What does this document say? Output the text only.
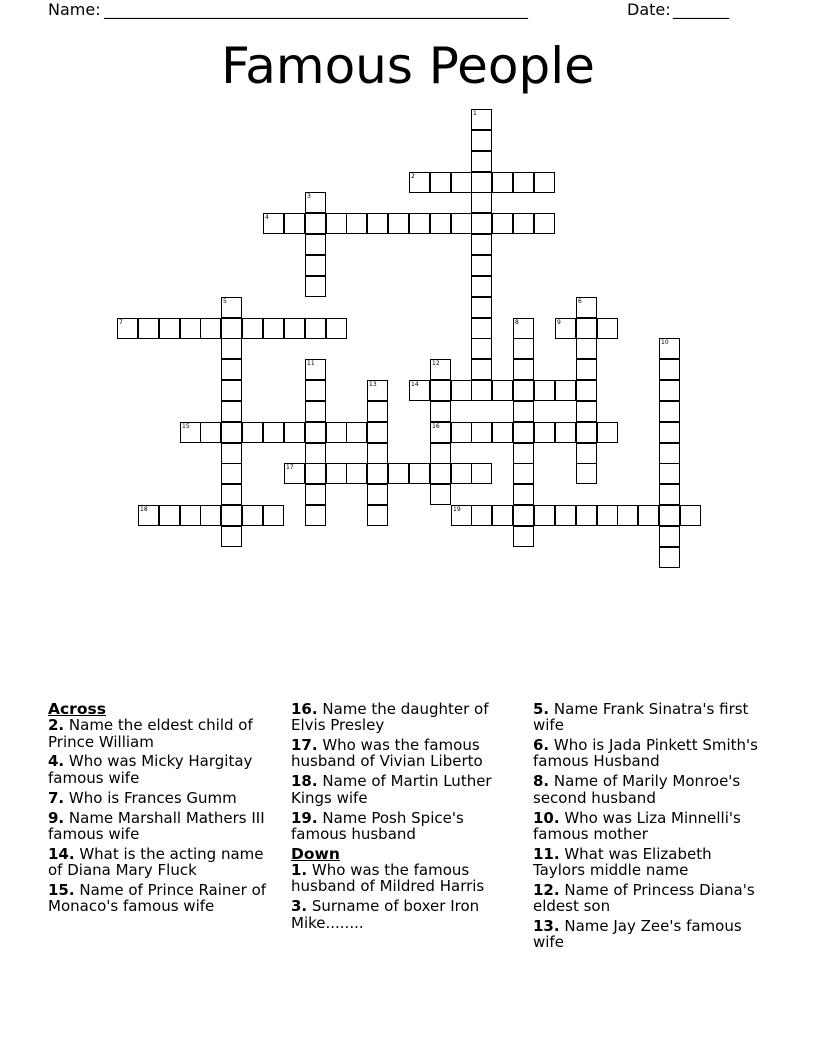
Name: _____________________________________________________	Date: _______
Famous People
1
2
3
4
5	6
7	8	9
10
11	12
16
13	14
15
17
18	19
Across
2. Name the eldest child of Prince William
4. Who was Micky Hargitay famous wife
7. Who is Frances Gumm
9. Name Marshall Mathers III famous wife
14. What is the acting name of Diana Mary Fluck
15. Name of Prince Rainer of Monaco's famous wife
16. Name the daughter of Elvis Presley
17. Who was the famous husband of Vivian Liberto
18. Name of Martin Luther Kings wife
19. Name Posh Spice's famous husband
Down
1. Who was the famous husband of Mildred Harris
3. Surname of boxer Iron Mike........
5. Name Frank Sinatra's first wife
6. Who is Jada Pinkett Smith's famous Husband
8. Name of Marily Monroe's second husband
10. Who was Liza Minnelli's famous mother
11. What was Elizabeth Taylors middle name
12. Name of Princess Diana's eldest son
13. Name Jay Zee's famous wife
